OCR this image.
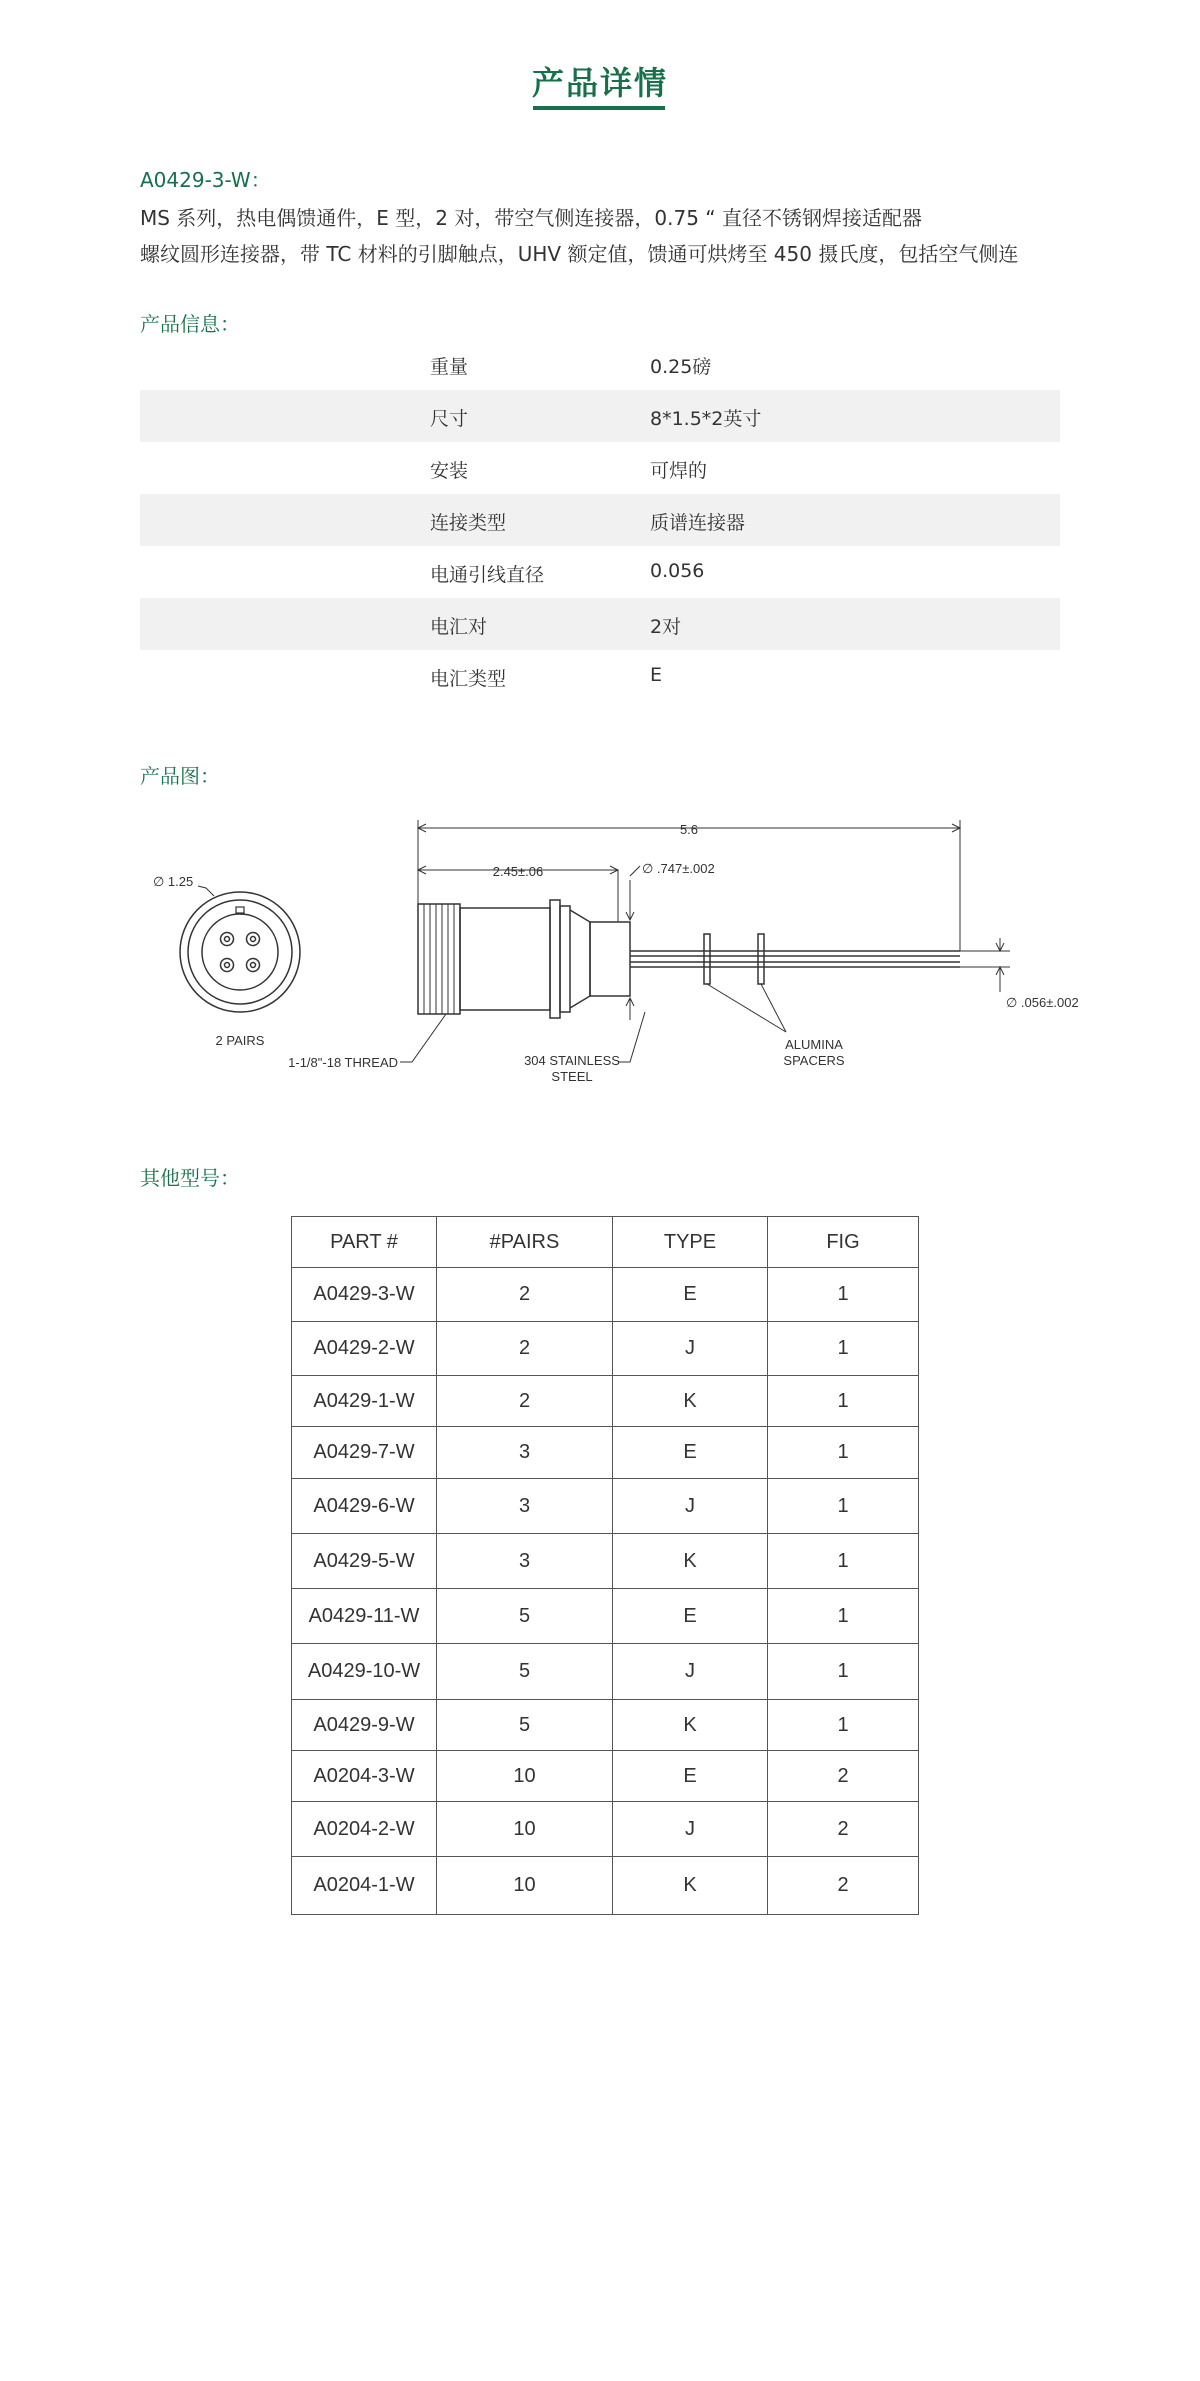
产品详情
A0429-3-W：
MS 系列，热电偶馈通件，E 型，2 对，带空气侧连接器，0.75 “ 直径不锈钢焊接适配器
螺纹圆形连接器，带 TC 材料的引脚触点，UHV 额定值，馈通可烘烤至 450 摄氏度，包括空气侧连
产品信息：
重量	0.25磅
尺寸	8*1.5*2英寸
安装	可焊的
连接类型	质谱连接器
电通引线直径	0.056
电汇对	2对
电汇类型	E
产品图：
∅ 1.25
2 PAIRS
5.6
2.45±.06	∅ .747±.002
∅ .056±.002
1-1/8"-18 THREAD	304 STAINLESS
STEEL
ALUMINA
SPACERS
其他型号：
PART #	#PAIRS	TYPE	FIG
A0429-3-W	2	E	1
A0429-2-W	2	J	1
A0429-1-W	2	K	1
A0429-7-W	3	E	1
A0429-6-W	3	J	1
A0429-5-W	3	K	1
A0429-11-W	5	E	1
A0429-10-W	5	J	1
A0429-9-W	5	K	1
A0204-3-W	10	E	2
A0204-2-W	10	J	2
A0204-1-W	10	K	2
